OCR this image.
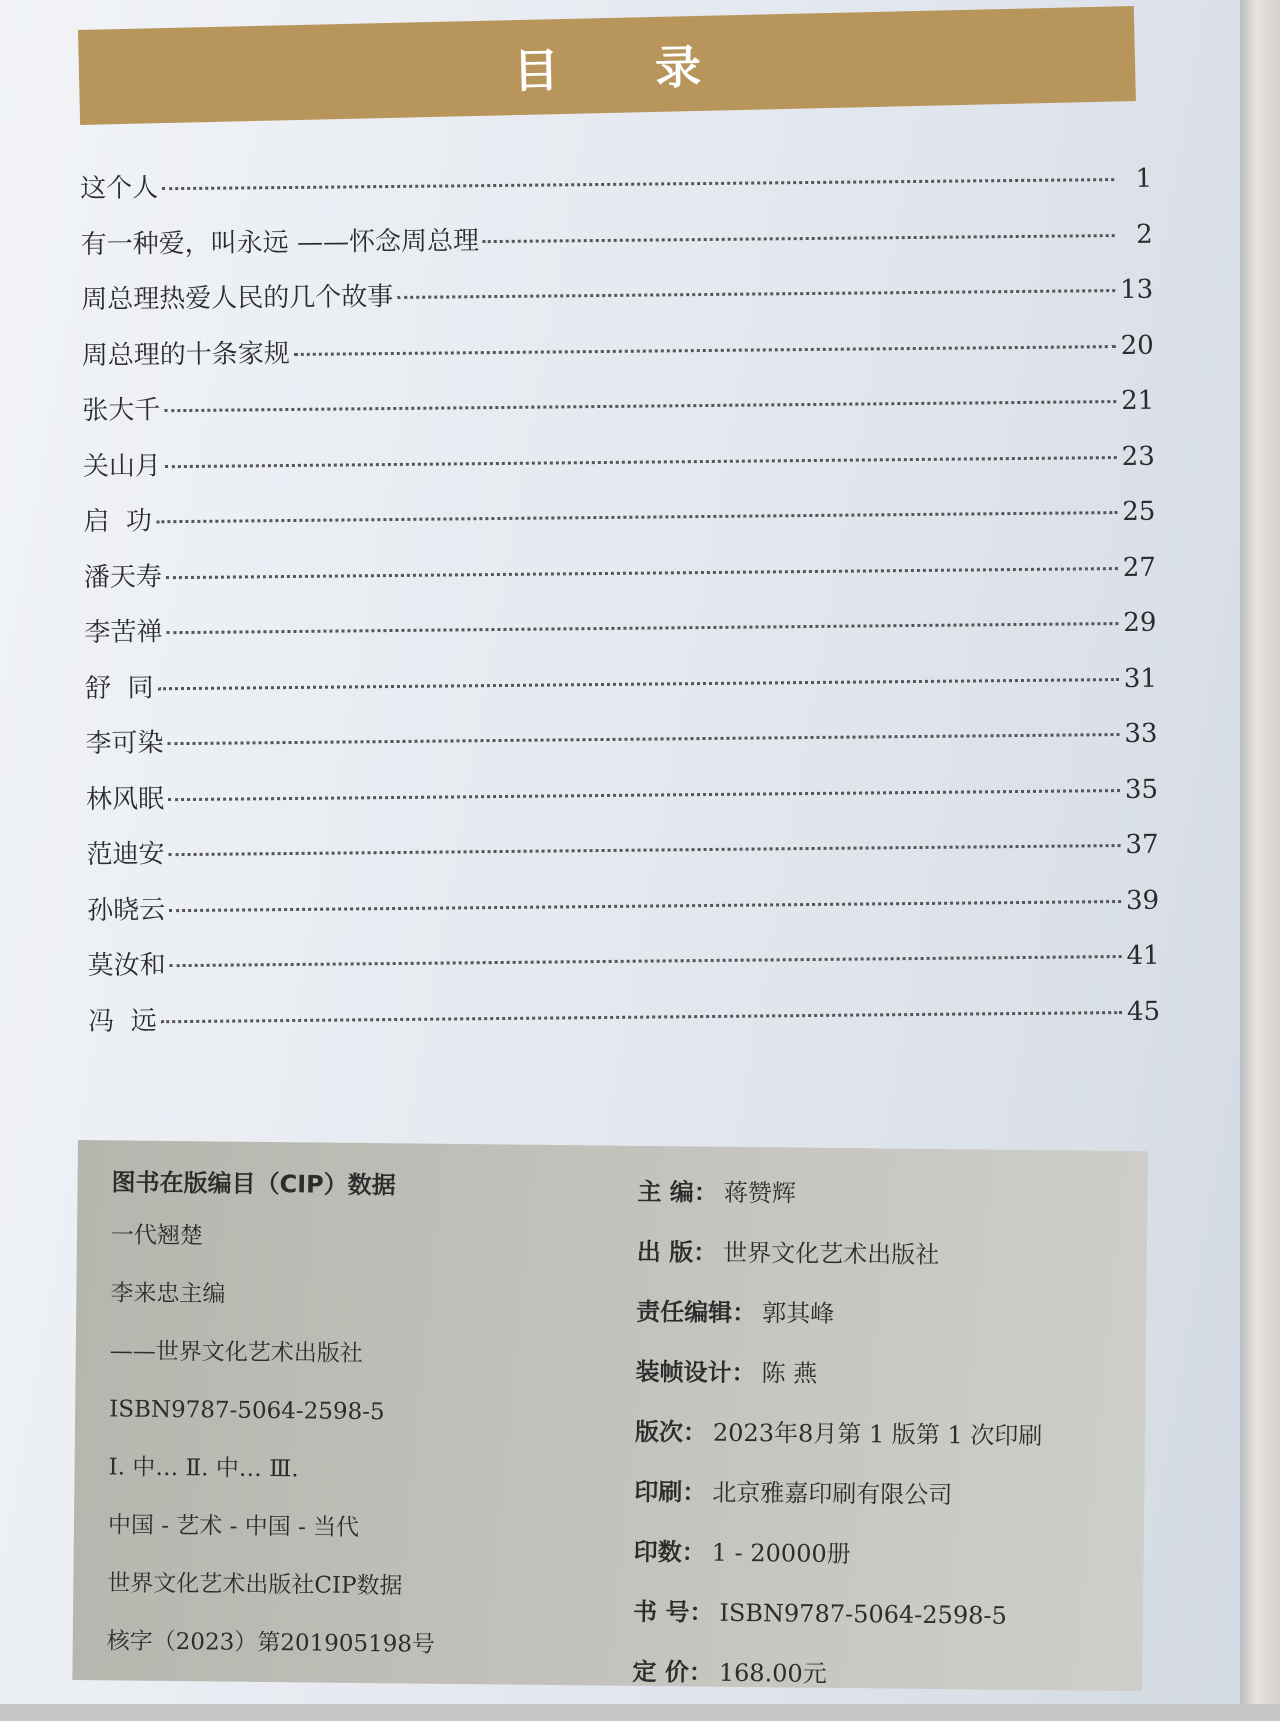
目 录
这个人	1
有一种爱，叫永远 ——怀念周总理	2
周总理热爱人民的几个故事	13
周总理的十条家规	20
张大千	21
关山月	23
启  功	25
潘天寿	27
李苦禅	29
舒  同	31
李可染	33
林风眠	35
范迪安	37
孙晓云	39
莫汝和	41
冯  远	45
图书在版编目（CIP）数据
一代翘楚
李来忠主编
——世界文化艺术出版社
ISBN9787-5064-2598-5
Ⅰ. 中… Ⅱ. 中… Ⅲ.
中国 - 艺术 - 中国 - 当代
世界文化艺术出版社CIP数据
核字（2023）第201905198号
主 编： 蒋赞辉
出 版： 世界文化艺术出版社
责任编辑： 郭其峰
装帧设计： 陈 燕
版次： 2023年8月第 1 版第 1 次印刷
印刷： 北京雅嘉印刷有限公司
印数： 1 - 20000册
书 号： ISBN9787-5064-2598-5
定 价： 168.00元
